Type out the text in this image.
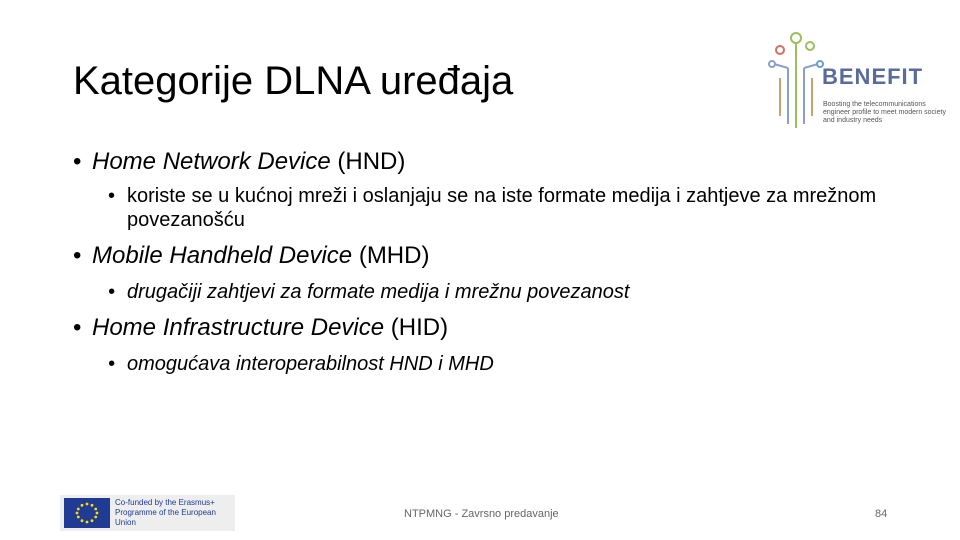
Kategorije DLNA uređaja	BENEFIT
Boosting the telecommunications engineer profile to meet modern society and industry needs
• Home Network Device (HND)
• koriste se u kućnoj mreži i oslanjaju se na iste formate medija i zahtjeve za mrežnom povezanošću
• Mobile Handheld Device (MHD)
• drugačiji zahtjevi za formate medija i mrežnu povezanost
• Home Infrastructure Device (HID)
• omogućava interoperabilnost HND i MHD
Co-funded by the Erasmus+ Programme of the European Union
NTPMNG - Zavrsno predavanje	84
